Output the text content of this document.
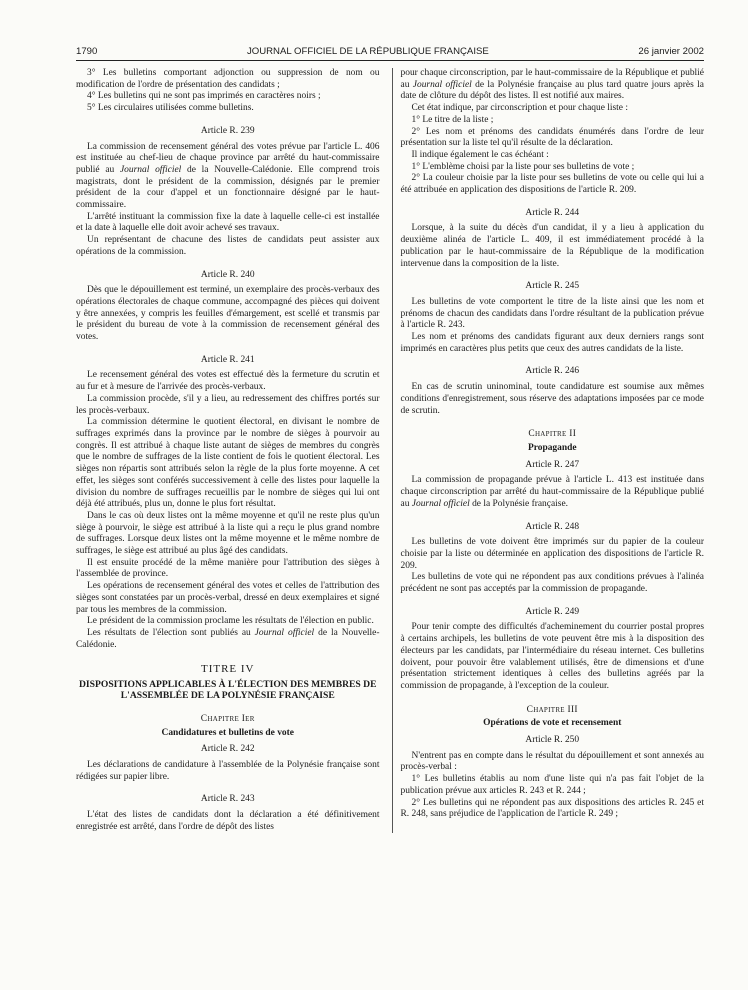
1790	JOURNAL OFFICIEL DE LA RÉPUBLIQUE FRANÇAISE	26 janvier 2002

3° Les bulletins comportant adjonction ou suppression de nom ou modification de l'ordre de présentation des candidats ;

4° Les bulletins qui ne sont pas imprimés en caractères noirs ;

5° Les circulaires utilisées comme bulletins.

Article R. 239

La commission de recensement général des votes prévue par l'article L. 406 est instituée au chef-lieu de chaque province par arrêté du haut-commissaire publié au Journal officiel de la Nouvelle-Calédonie. Elle comprend trois magistrats, dont le président de la commission, désignés par le premier président de la cour d'appel et un fonctionnaire désigné par le haut-commissaire.

L'arrêté instituant la commission fixe la date à laquelle celle-ci est installée et la date à laquelle elle doit avoir achevé ses travaux.

Un représentant de chacune des listes de candidats peut assister aux opérations de la commission.

Article R. 240

Dès que le dépouillement est terminé, un exemplaire des procès-verbaux des opérations électorales de chaque commune, accompagné des pièces qui doivent y être annexées, y compris les feuilles d'émargement, est scellé et transmis par le président du bureau de vote à la commission de recensement général des votes.

Article R. 241

Le recensement général des votes est effectué dès la fermeture du scrutin et au fur et à mesure de l'arrivée des procès-verbaux.

La commission procède, s'il y a lieu, au redressement des chiffres portés sur les procès-verbaux.

La commission détermine le quotient électoral, en divisant le nombre de suffrages exprimés dans la province par le nombre de sièges à pourvoir au congrès. Il est attribué à chaque liste autant de sièges de membres du congrès que le nombre de suffrages de la liste contient de fois le quotient électoral. Les sièges non répartis sont attribués selon la règle de la plus forte moyenne. A cet effet, les sièges sont conférés successivement à celle des listes pour laquelle la division du nombre de suffrages recueillis par le nombre de sièges qui lui ont déjà été attribués, plus un, donne le plus fort résultat.

Dans le cas où deux listes ont la même moyenne et qu'il ne reste plus qu'un siège à pourvoir, le siège est attribué à la liste qui a reçu le plus grand nombre de suffrages. Lorsque deux listes ont la même moyenne et le même nombre de suffrages, le siège est attribué au plus âgé des candidats.

Il est ensuite procédé de la même manière pour l'attribution des sièges à l'assemblée de province.

Les opérations de recensement général des votes et celles de l'attribution des sièges sont constatées par un procès-verbal, dressé en deux exemplaires et signé par tous les membres de la commission.

Le président de la commission proclame les résultats de l'élection en public.

Les résultats de l'élection sont publiés au Journal officiel de la Nouvelle-Calédonie.

TITRE IV
DISPOSITIONS APPLICABLES À L'ÉLECTION DES MEMBRES DE L'ASSEMBLÉE DE LA POLYNÉSIE FRANÇAISE
Chapitre Ier
Candidatures et bulletins de vote
Article R. 242

Les déclarations de candidature à l'assemblée de la Polynésie française sont rédigées sur papier libre.

Article R. 243

L'état des listes de candidats dont la déclaration a été définitivement enregistrée est arrêté, dans l'ordre de dépôt des listes

pour chaque circonscription, par le haut-commissaire de la République et publié au Journal officiel de la Polynésie française au plus tard quatre jours après la date de clôture du dépôt des listes. Il est notifié aux maires.

Cet état indique, par circonscription et pour chaque liste :

1° Le titre de la liste ;

2° Les nom et prénoms des candidats énumérés dans l'ordre de leur présentation sur la liste tel qu'il résulte de la déclaration.

Il indique également le cas échéant :

1° L'emblème choisi par la liste pour ses bulletins de vote ;

2° La couleur choisie par la liste pour ses bulletins de vote ou celle qui lui a été attribuée en application des dispositions de l'article R. 209.

Article R. 244

Lorsque, à la suite du décès d'un candidat, il y a lieu à application du deuxième alinéa de l'article L. 409, il est immédiatement procédé à la publication par le haut-commissaire de la République de la modification intervenue dans la composition de la liste.

Article R. 245

Les bulletins de vote comportent le titre de la liste ainsi que les nom et prénoms de chacun des candidats dans l'ordre résultant de la publication prévue à l'article R. 243.

Les nom et prénoms des candidats figurant aux deux derniers rangs sont imprimés en caractères plus petits que ceux des autres candidats de la liste.

Article R. 246

En cas de scrutin uninominal, toute candidature est soumise aux mêmes conditions d'enregistrement, sous réserve des adaptations imposées par ce mode de scrutin.

Chapitre II
Propagande
Article R. 247

La commission de propagande prévue à l'article L. 413 est instituée dans chaque circonscription par arrêté du haut-commissaire de la République publié au Journal officiel de la Polynésie française.

Article R. 248

Les bulletins de vote doivent être imprimés sur du papier de la couleur choisie par la liste ou déterminée en application des dispositions de l'article R. 209.

Les bulletins de vote qui ne répondent pas aux conditions prévues à l'alinéa précédent ne sont pas acceptés par la commission de propagande.

Article R. 249

Pour tenir compte des difficultés d'acheminement du courrier postal propres à certains archipels, les bulletins de vote peuvent être mis à la disposition des électeurs par les candidats, par l'intermédiaire du réseau internet. Ces bulletins doivent, pour pouvoir être valablement utilisés, être de dimensions et d'une présentation strictement identiques à celles des bulletins agréés par la commission de propagande, à l'exception de la couleur.

Chapitre III
Opérations de vote et recensement
Article R. 250

N'entrent pas en compte dans le résultat du dépouillement et sont annexés au procès-verbal :

1° Les bulletins établis au nom d'une liste qui n'a pas fait l'objet de la publication prévue aux articles R. 243 et R. 244 ;

2° Les bulletins qui ne répondent pas aux dispositions des articles R. 245 et R. 248, sans préjudice de l'application de l'article R. 249 ;
